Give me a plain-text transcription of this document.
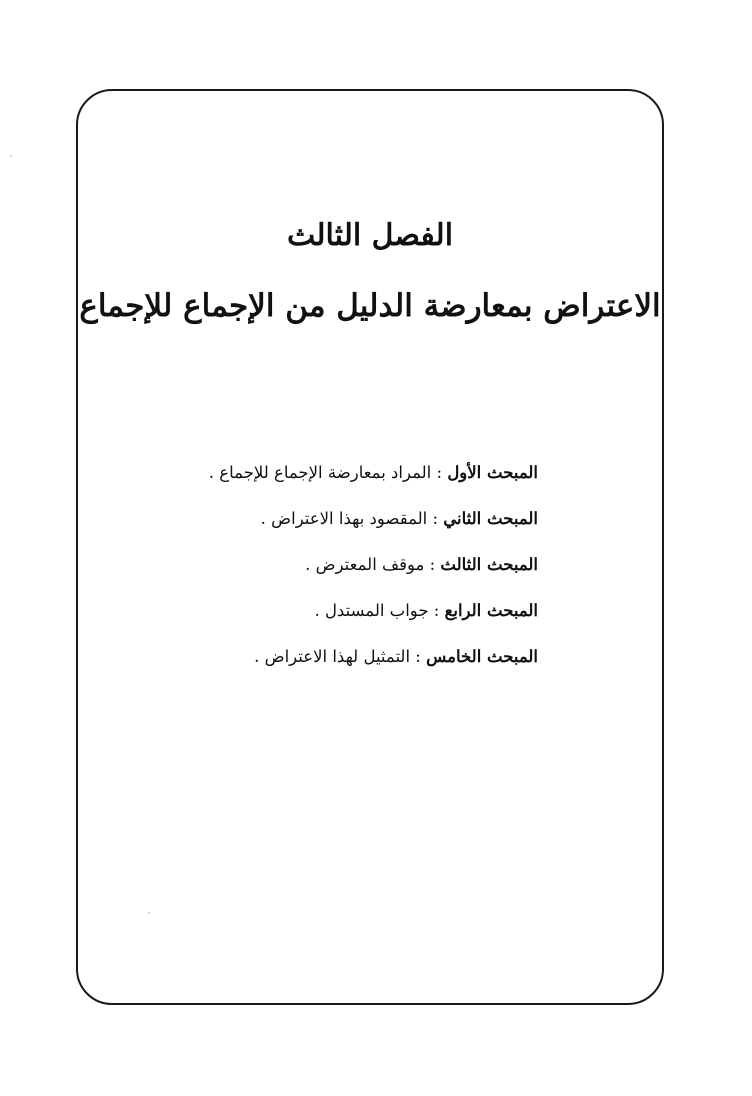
الفصل الثالث
الاعتراض بمعارضة الدليل من الإجماع للإجماع
المبحث الأول : المراد بمعارضة الإجماع للإجماع .
المبحث الثاني : المقصود بهذا الاعتراض .
المبحث الثالث : موقف المعترض .
المبحث الرابع : جواب المستدل .
المبحث الخامس : التمثيل لهذا الاعتراض .
